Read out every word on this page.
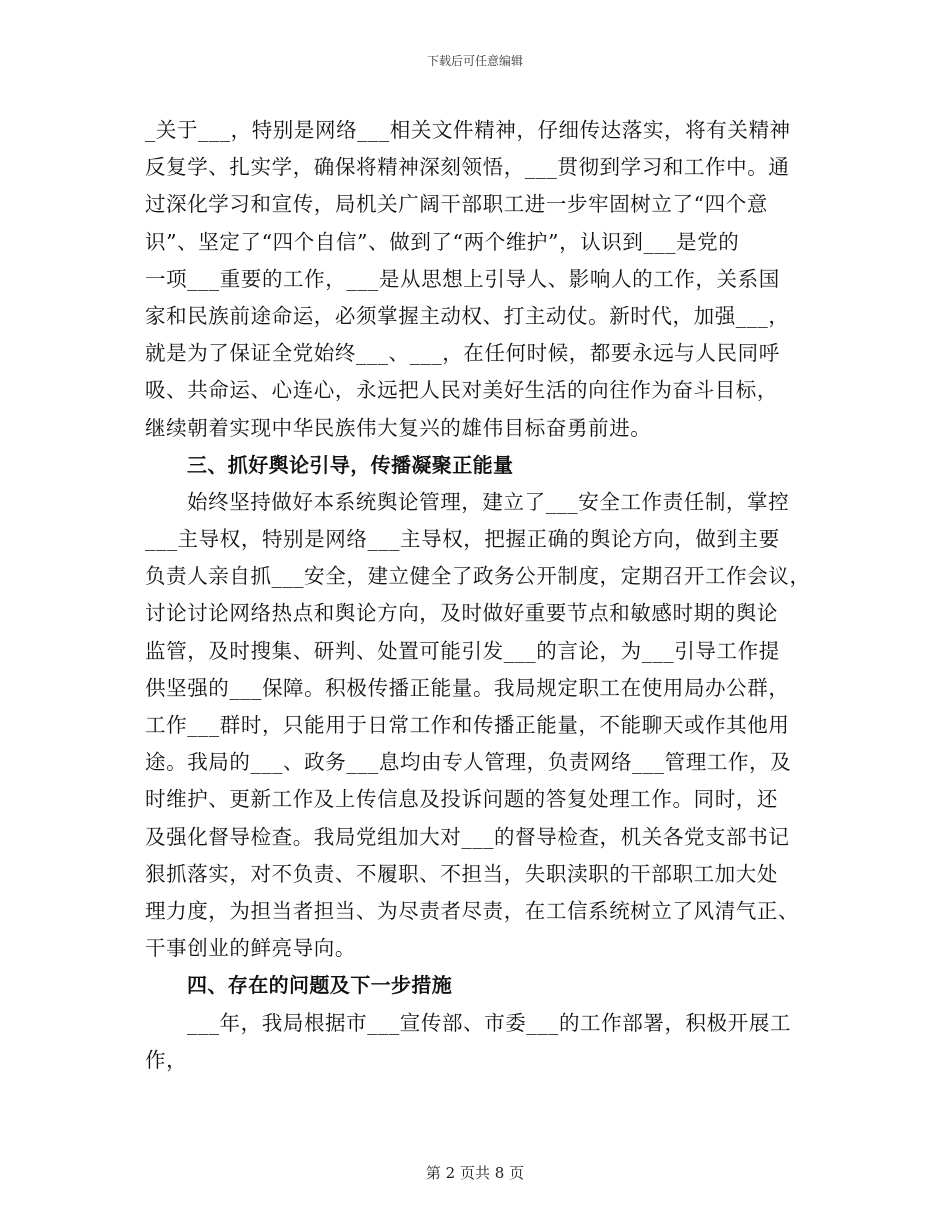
下载后可任意编辑
_关于___，特别是网络___相关文件精神，仔细传达落实，将有关精神
反复学、扎实学，确保将精神深刻领悟，___贯彻到学习和工作中。通
过深化学习和宣传，局机关广阔干部职工进一步牢固树立了“四个意
识”、坚定了“四个自信”、做到了“两个维护”，认识到___是党的
一项___重要的工作，___是从思想上引导人、影响人的工作，关系国
家和民族前途命运，必须掌握主动权、打主动仗。新时代，加强___，
就是为了保证全党始终___、___，在任何时候，都要永远与人民同呼
吸、共命运、心连心，永远把人民对美好生活的向往作为奋斗目标，
继续朝着实现中华民族伟大复兴的雄伟目标奋勇前进。
三、抓好舆论引导，传播凝聚正能量
始终坚持做好本系统舆论管理，建立了___安全工作责任制，掌控
___主导权，特别是网络___主导权，把握正确的舆论方向，做到主要
负责人亲自抓___安全，建立健全了政务公开制度，定期召开工作会议，
讨论讨论网络热点和舆论方向，及时做好重要节点和敏感时期的舆论
监管，及时搜集、研判、处置可能引发___的言论，为___引导工作提
供坚强的___保障。积极传播正能量。我局规定职工在使用局办公群，
工作___群时，只能用于日常工作和传播正能量，不能聊天或作其他用
途。我局的___、政务___息均由专人管理，负责网络___管理工作，及
时维护、更新工作及上传信息及投诉问题的答复处理工作。同时，还
及强化督导检查。我局党组加大对___的督导检查，机关各党支部书记
狠抓落实，对不负责、不履职、不担当，失职渎职的干部职工加大处
理力度，为担当者担当、为尽责者尽责，在工信系统树立了风清气正、
干事创业的鲜亮导向。
四、存在的问题及下一步措施
___年，我局根据市___宣传部、市委___的工作部署，积极开展工
作，
第 2 页共 8 页
